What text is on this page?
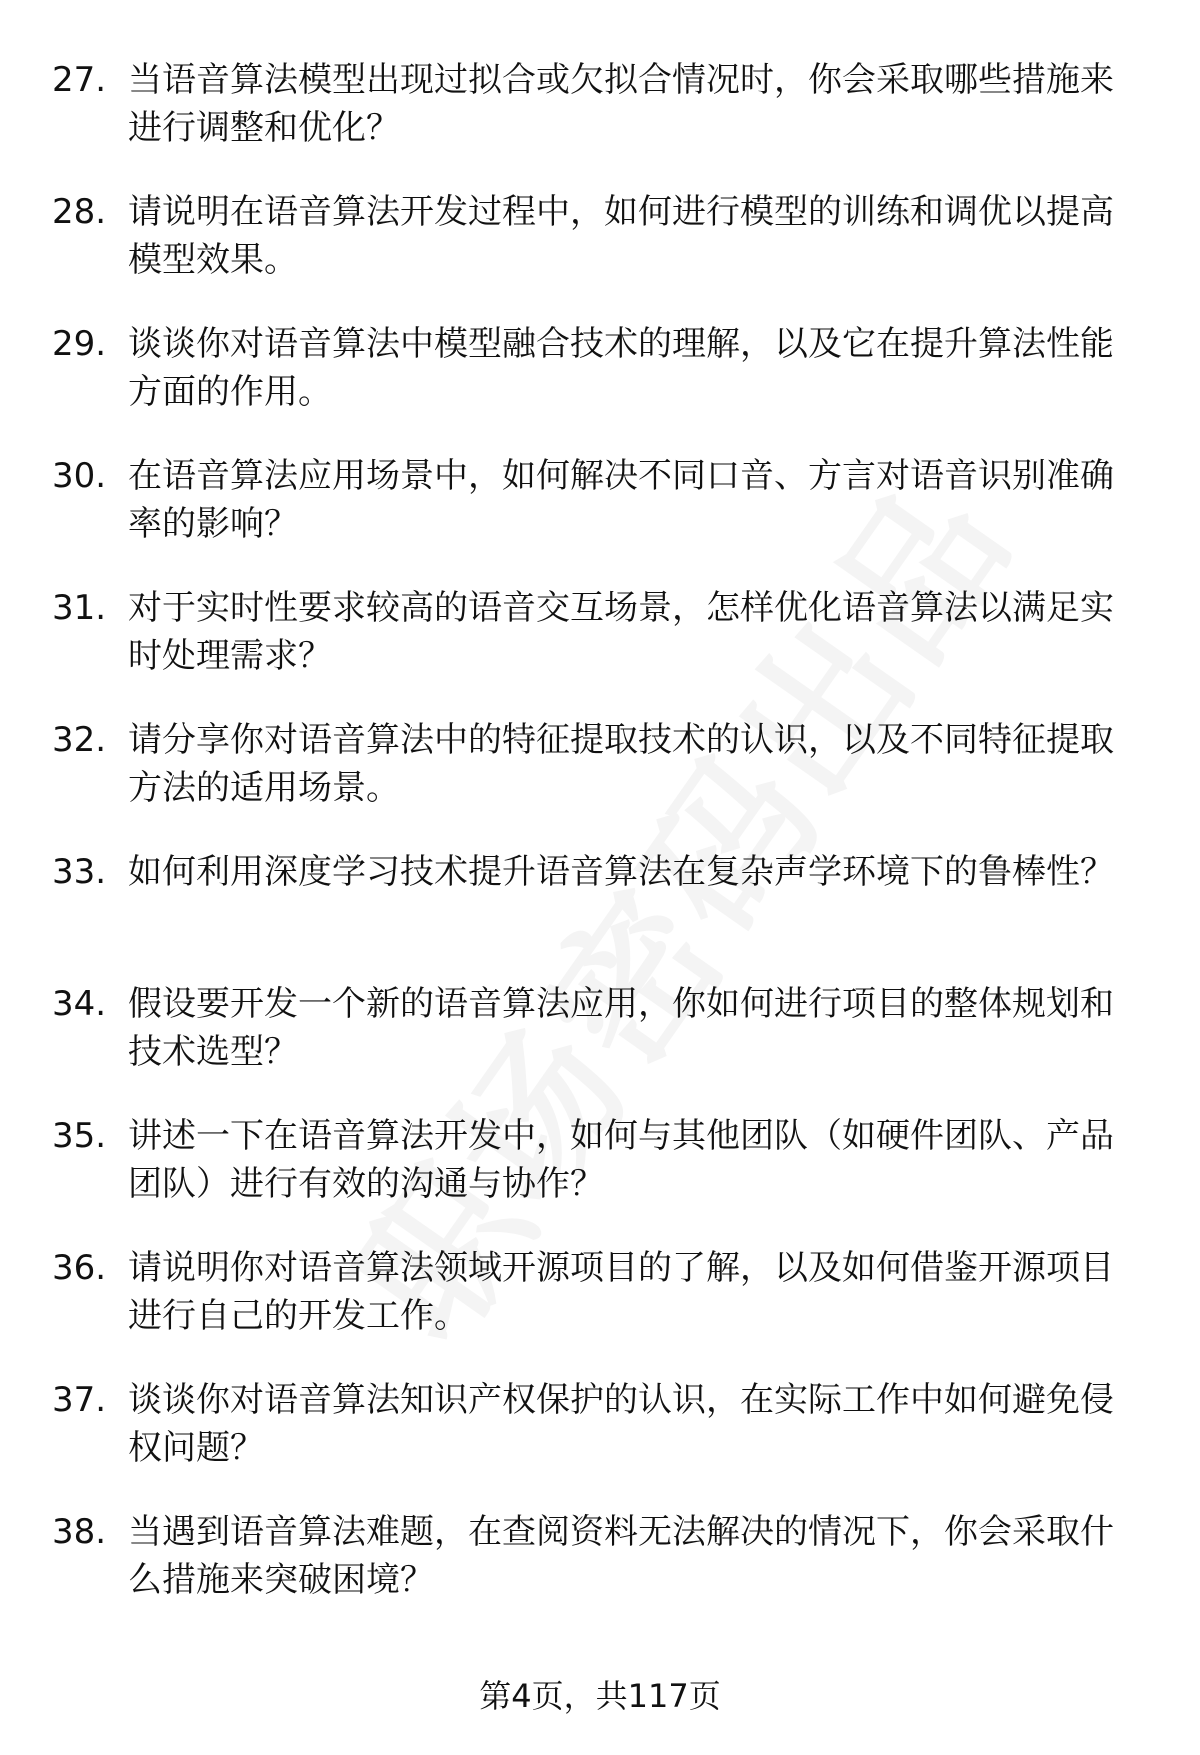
27. 当语音算法模型出现过拟合或欠拟合情况时，你会采取哪些措施来进行调整和优化？
28. 请说明在语音算法开发过程中，如何进行模型的训练和调优以提高模型效果。
29. 谈谈你对语音算法中模型融合技术的理解，以及它在提升算法性能方面的作用。
30. 在语音算法应用场景中，如何解决不同口音、方言对语音识别准确率的影响？
31. 对于实时性要求较高的语音交互场景，怎样优化语音算法以满足实时处理需求？
32. 请分享你对语音算法中的特征提取技术的认识，以及不同特征提取方法的适用场景。
33. 如何利用深度学习技术提升语音算法在复杂声学环境下的鲁棒性？
34. 假设要开发一个新的语音算法应用，你如何进行项目的整体规划和技术选型？
35. 讲述一下在语音算法开发中，如何与其他团队（如硬件团队、产品团队）进行有效的沟通与协作？
36. 请说明你对语音算法领域开源项目的了解，以及如何借鉴开源项目进行自己的开发工作。
37. 谈谈你对语音算法知识产权保护的认识，在实际工作中如何避免侵权问题？
38. 当遇到语音算法难题，在查阅资料无法解决的情况下，你会采取什么措施来突破困境？
第4页，共117页
